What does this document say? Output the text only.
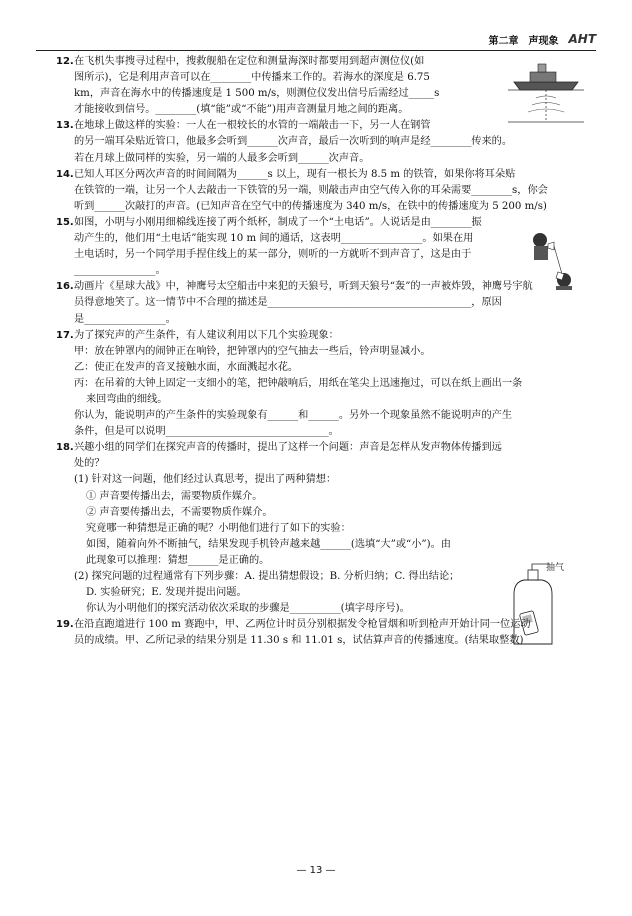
第二章 声现象 AHT
抽气
12. 在飞机失事搜寻过程中，搜救舰船在定位和测量海深时都要用到超声测位仪(如
图所示)，它是利用声音可以在________中传播来工作的。若海水的深度是 6.75
km，声音在海水中的传播速度是 1 500 m/s，则测位仪发出信号后需经过_____s
才能接收到信号。________(填“能”或“不能”)用声音测量月地之间的距离。
13. 在地球上做这样的实验：一人在一根较长的水管的一端敲击一下，另一人在钢管
的另一端耳朵贴近管口，他最多会听到______次声音，最后一次听到的响声是经________传来的。
若在月球上做同样的实验，另一端的人最多会听到______次声音。
14. 已知人耳区分两次声音的时间间隔为______s 以上，现有一根长为 8.5 m 的铁管，如果你将耳朵贴
在铁管的一端，让另一个人去敲击一下铁管的另一端，则敲击声由空气传入你的耳朵需要________s，你会
听到______次敲打的声音。(已知声音在空气中的传播速度为 340 m/s，在铁中的传播速度为 5 200 m/s)
15. 如图，小明与小刚用细棉线连接了两个纸杯，制成了一个“土电话”。人说话是由________振
动产生的，他们用“土电话”能实现 10 m 间的通话，这表明________________。如果在用
土电话时，另一个同学用手捏住线上的某一部分，则听的一方就听不到声音了，这是由于
________________。
16. 动画片《星球大战》中，神鹰号太空船击中来犯的天狼号，听到天狼号“轰”的一声被炸毁，神鹰号宇航
员得意地笑了。这一情节中不合理的描述是________________________________________，原因
是________________。
17. 为了探究声的产生条件，有人建议利用以下几个实验现象：
甲：放在钟罩内的闹钟正在响铃，把钟罩内的空气抽去一些后，铃声明显减小。
乙：使正在发声的音叉接触水面，水面溅起水花。
丙：在吊着的大钟上固定一支细小的笔，把钟敲响后，用纸在笔尖上迅速拖过，可以在纸上画出一条
来回弯曲的细线。
你认为，能说明声的产生条件的实验现象有______和______。另外一个现象虽然不能说明声的产生
条件，但是可以说明________________________________。
18. 兴趣小组的同学们在探究声音的传播时，提出了这样一个问题：声音是怎样从发声物体传播到远
处的？
(1) 针对这一问题，他们经过认真思考，提出了两种猜想：
① 声音要传播出去，需要物质作媒介。
② 声音要传播出去，不需要物质作媒介。
究竟哪一种猜想是正确的呢？小明他们进行了如下的实验：
如图，随着向外不断抽气，结果发现手机铃声越来越______(选填“大”或“小”)。由
此现象可以推理：猜想______是正确的。
(2) 探究问题的过程通常有下列步骤：A. 提出猜想假设；B. 分析归纳；C. 得出结论；
D. 实验研究；E. 发现并提出问题。
你认为小明他们的探究活动依次采取的步骤是__________(填字母序号)。
19. 在沿直跑道进行 100 m 赛跑中，甲、乙两位计时员分别根据发令枪冒烟和听到枪声开始计同一位运动
员的成绩。甲、乙所记录的结果分别是 11.30 s 和 11.01 s，试估算声音的传播速度。(结果取整数)
— 13 —
